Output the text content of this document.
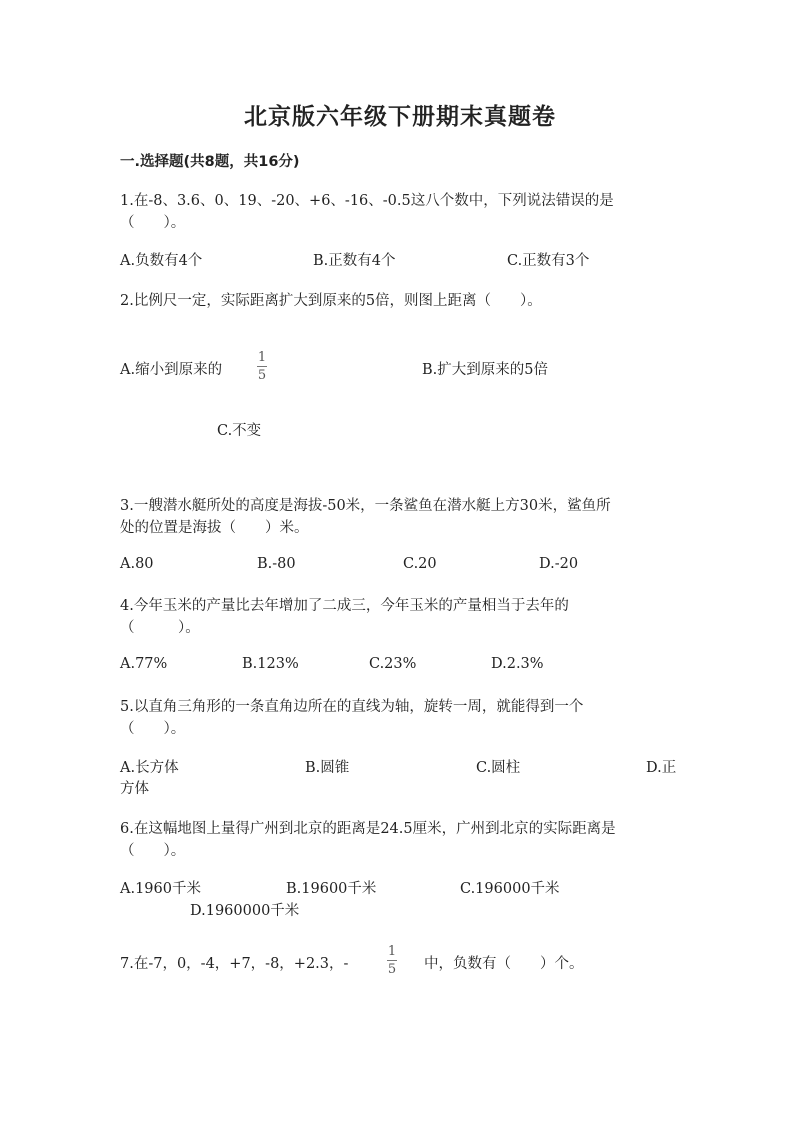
北京版六年级下册期末真题卷
一.选择题(共8题，共16分)
1.在-8、3.6、0、19、-20、+6、-16、-0.5这八个数中，下列说法错误的是
（　　）。
A.负数有4个	B.正数有4个	C.正数有3个
2.比例尺一定，实际距离扩大到原来的5倍，则图上距离（　　）。
A.缩小到原来的
1
5	B.扩大到原来的5倍
C.不变
3.一艘潜水艇所处的高度是海拔-50米，一条鲨鱼在潜水艇上方30米，鲨鱼所
处的位置是海拔（　　）米。
A.80	B.-80	C.20	D.-20
4.今年玉米的产量比去年增加了二成三，今年玉米的产量相当于去年的
（　　　）。
A.77%	B.123%	C.23%	D.2.3%
5.以直角三角形的一条直角边所在的直线为轴，旋转一周，就能得到一个
（　　）。
A.长方体	B.圆锥	C.圆柱	D.正
方体
6.在这幅地图上量得广州到北京的距离是24.5厘米，广州到北京的实际距离是
（　　）。
A.1960千米	B.19600千米	C.196000千米
D.1960000千米
7.在-7，0，-4，+7，-8，+2.3，-
1
5 中，负数有（　　）个。
